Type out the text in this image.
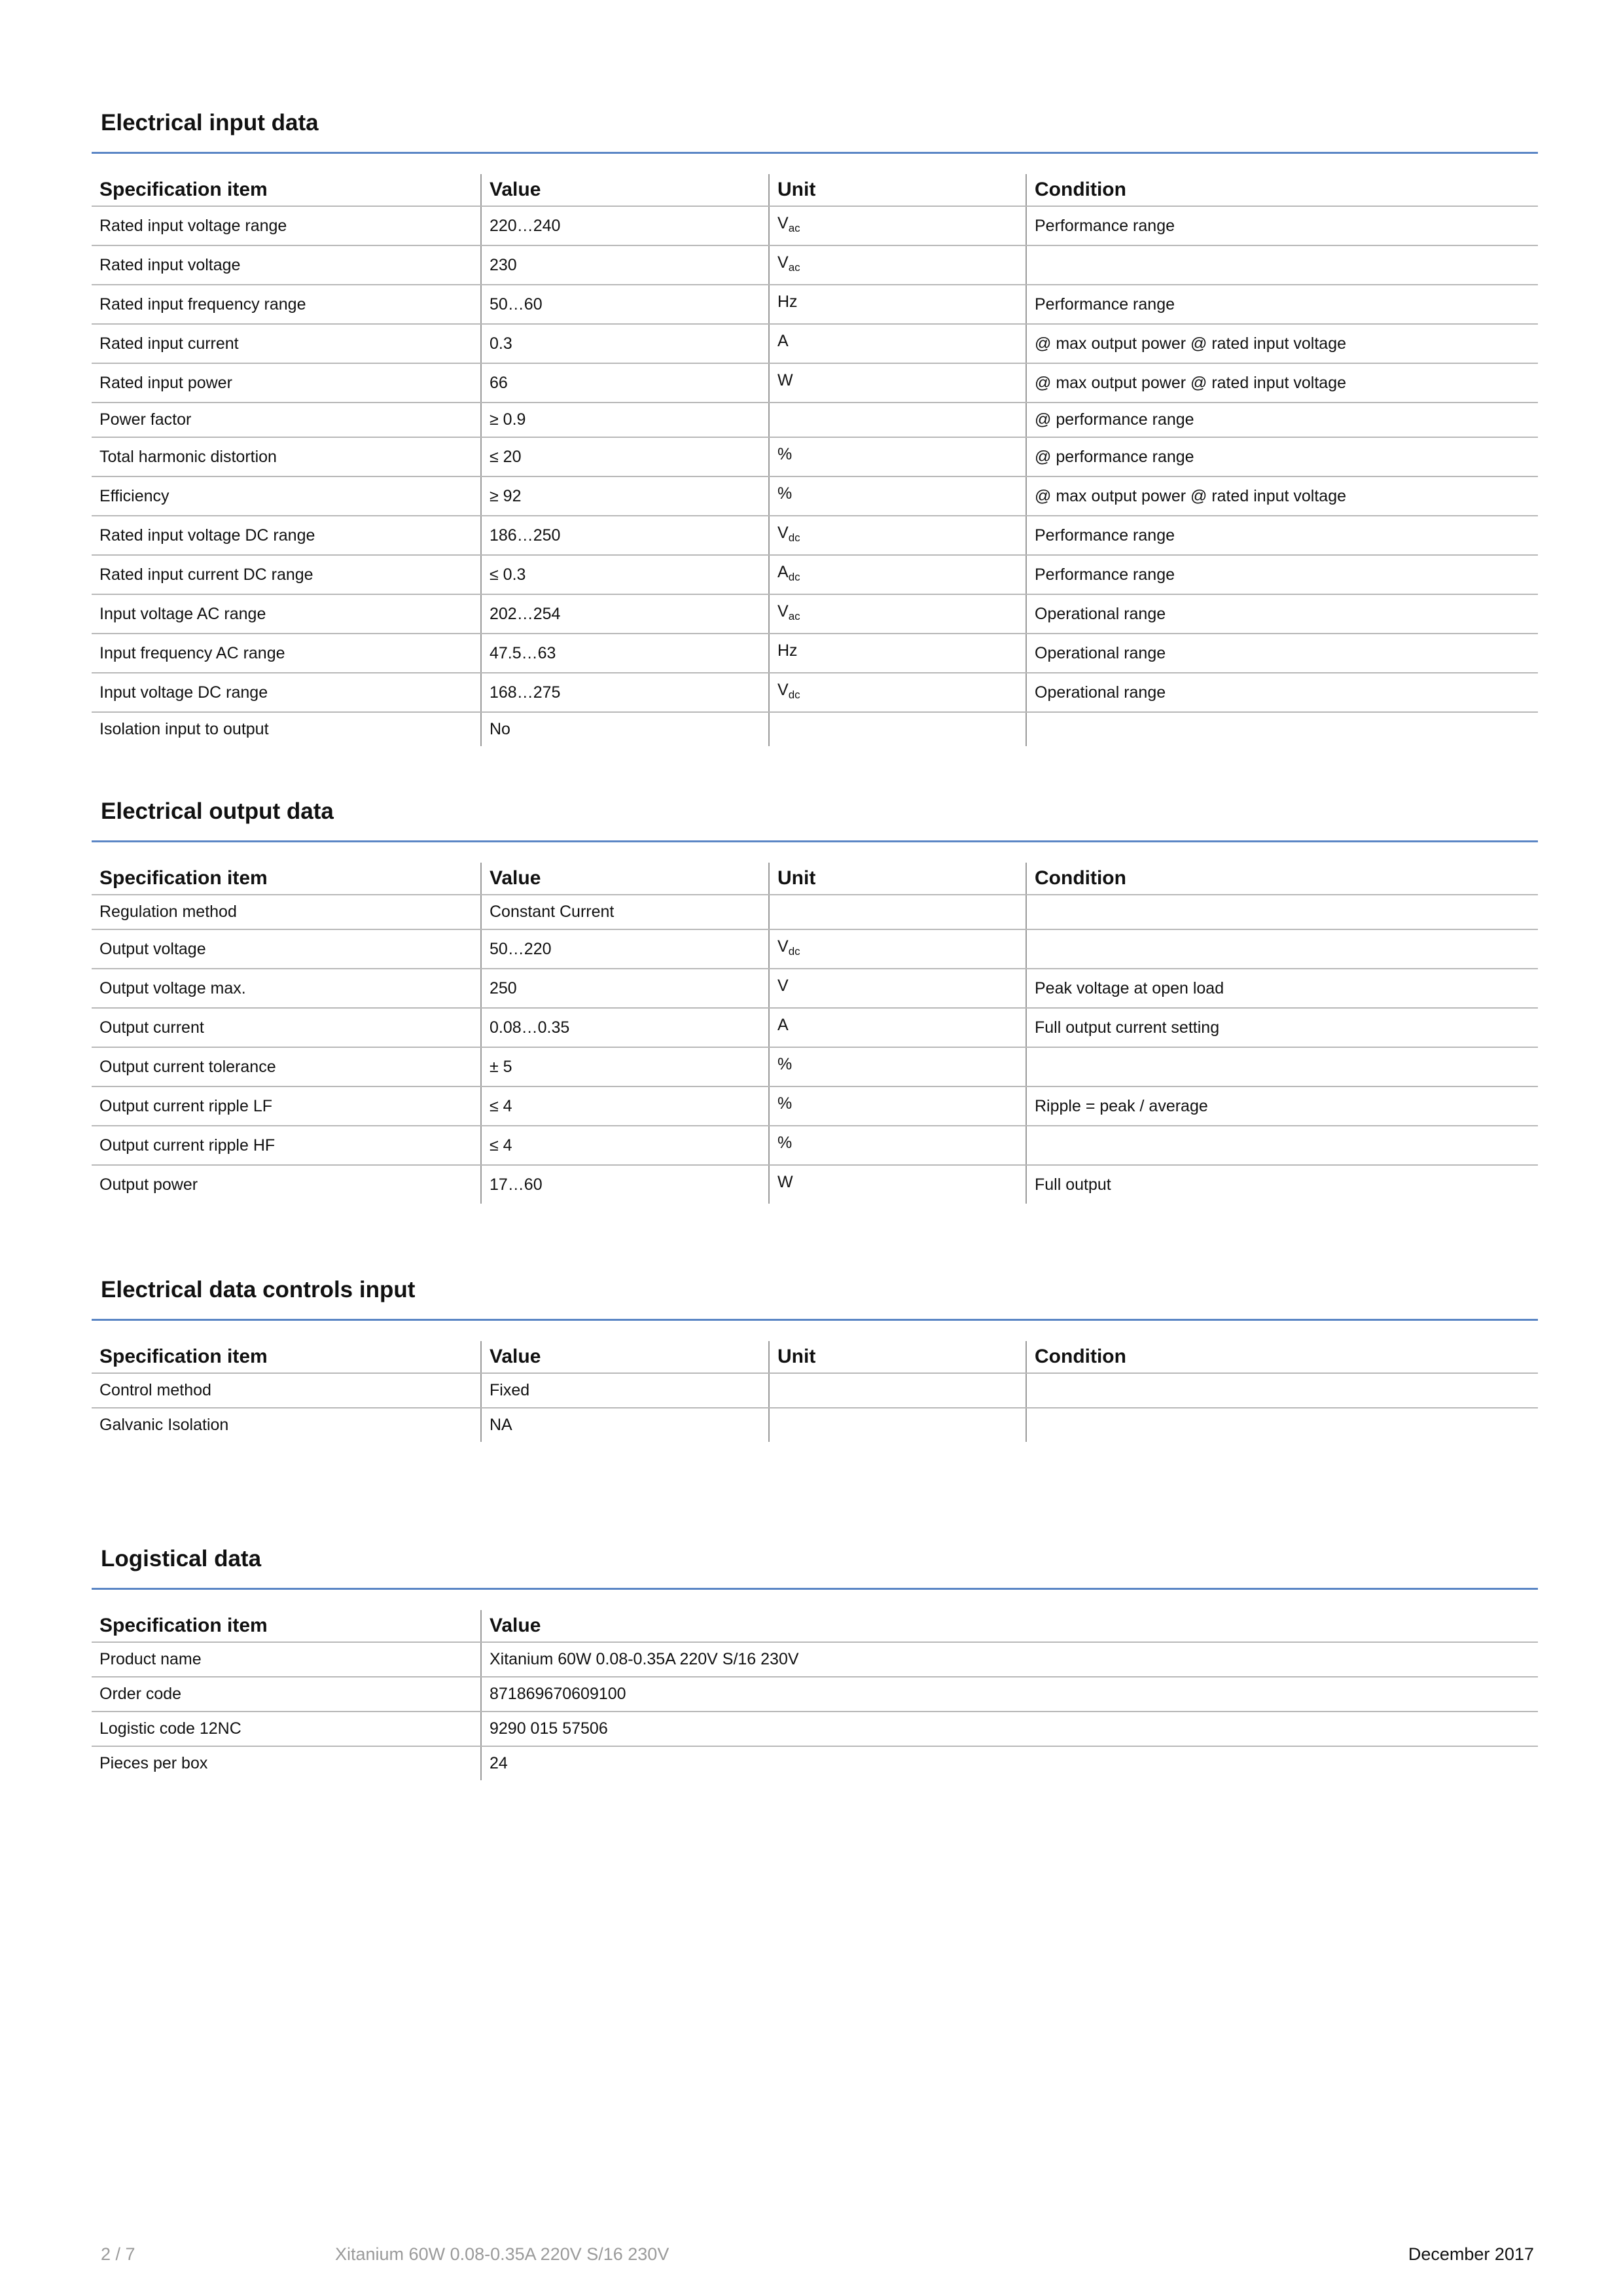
Electrical input data
Specification item	Value	Unit	Condition
Rated input voltage range	220…240	$V_{ac}$	Performance range
Rated input voltage	230	$V_{ac}$	
Rated input frequency range	50…60	Hz	Performance range
Rated input current	0.3	A	@ max output power @ rated input voltage
Rated input power	66	W	@ max output power @ rated input voltage
Power factor	≥ 0.9		@ performance range
Total harmonic distortion	≤ 20	%	@ performance range
Efficiency	≥ 92	%	@ max output power @ rated input voltage
Rated input voltage DC range	186…250	$V_{dc}$	Performance range
Rated input current DC range	≤ 0.3	$A_{dc}$	Performance range
Input voltage AC range	202…254	$V_{ac}$	Operational range
Input frequency AC range	47.5…63	Hz	Operational range
Input voltage DC range	168…275	$V_{dc}$	Operational range
Isolation input to output	No		
Electrical output data
Specification item	Value	Unit	Condition
Regulation method	Constant Current		
Output voltage	50…220	$V_{dc}$	
Output voltage max.	250	V	Peak voltage at open load
Output current	0.08…0.35	A	Full output current setting
Output current tolerance	± 5	%	
Output current ripple LF	≤ 4	%	Ripple = peak / average
Output current ripple HF	≤ 4	%	
Output power	17…60	W	Full output
Electrical data controls input
Specification item	Value	Unit	Condition
Control method	Fixed		
Galvanic Isolation	NA		
Logistical data
Specification item	Value
Product name	Xitanium 60W 0.08-0.35A 220V S/16 230V
Order code	871869670609100
Logistic code 12NC	9290 015 57506
Pieces per box	24
2 / 7	Xitanium 60W 0.08-0.35A 220V S/16 230V	December 2017
